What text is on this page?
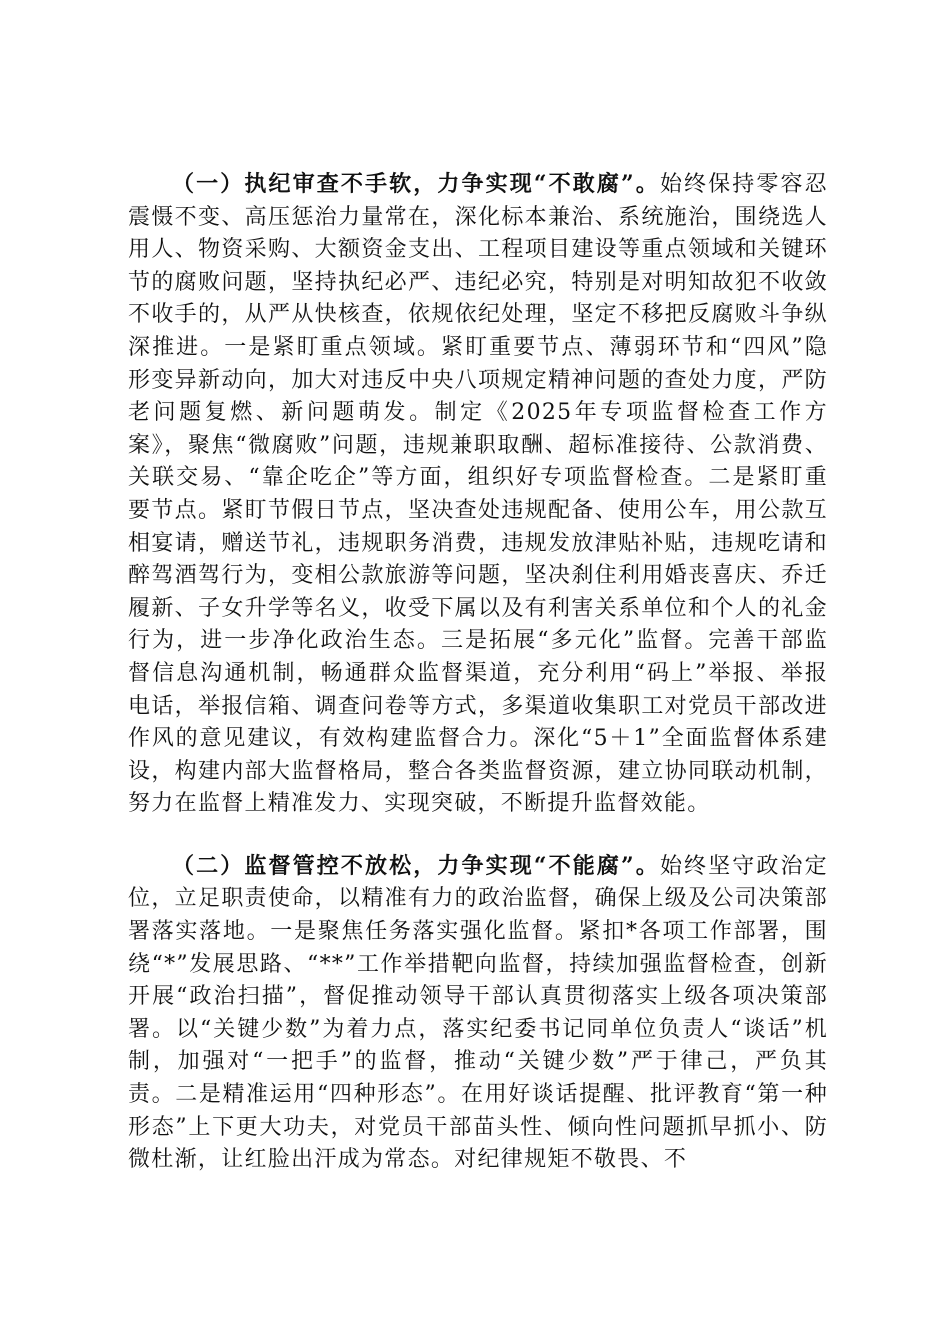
（一）执纪审查不手软，力争实现“不敢腐”。始终保持零容忍震慑不变、高压惩治力量常在，深化标本兼治、系统施治，围绕选人用人、物资采购、大额资金支出、工程项目建设等重点领域和关键环节的腐败问题，坚持执纪必严、违纪必究，特别是对明知故犯不收敛不收手的，从严从快核查，依规依纪处理，坚定不移把反腐败斗争纵深推进。一是紧盯重点领域。紧盯重要节点、薄弱环节和“四风”隐形变异新动向，加大对违反中央八项规定精神问题的查处力度，严防老问题复燃、新问题萌发。制定《2025年专项监督检查工作方案》，聚焦“微腐败”问题，违规兼职取酬、超标准接待、公款消费、关联交易、“靠企吃企”等方面，组织好专项监督检查。二是紧盯重要节点。紧盯节假日节点，坚决查处违规配备、使用公车，用公款互相宴请，赠送节礼，违规职务消费，违规发放津贴补贴，违规吃请和醉驾酒驾行为，变相公款旅游等问题，坚决刹住利用婚丧喜庆、乔迁履新、子女升学等名义，收受下属以及有利害关系单位和个人的礼金行为，进一步净化政治生态。三是拓展“多元化”监督。完善干部监督信息沟通机制，畅通群众监督渠道，充分利用“码上”举报、举报电话，举报信箱、调查问卷等方式，多渠道收集职工对党员干部改进作风的意见建议，有效构建监督合力。深化“5＋1”全面监督体系建设，构建内部大监督格局，整合各类监督资源，建立协同联动机制，努力在监督上精准发力、实现突破，不断提升监督效能。

（二）监督管控不放松，力争实现“不能腐”。始终坚守政治定位，立足职责使命，以精准有力的政治监督，确保上级及公司决策部署落实落地。一是聚焦任务落实强化监督。紧扣*各项工作部署，围绕“*”发展思路、“**”工作举措靶向监督，持续加强监督检查，创新开展“政治扫描”，督促推动领导干部认真贯彻落实上级各项决策部署。以“关键少数”为着力点，落实纪委书记同单位负责人“谈话”机制，加强对“一把手”的监督，推动“关键少数”严于律己，严负其责。二是精准运用“四种形态”。在用好谈话提醒、批评教育“第一种形态”上下更大功夫，对党员干部苗头性、倾向性问题抓早抓小、防微杜渐，让红脸出汗成为常态。对纪律规矩不敬畏、不
